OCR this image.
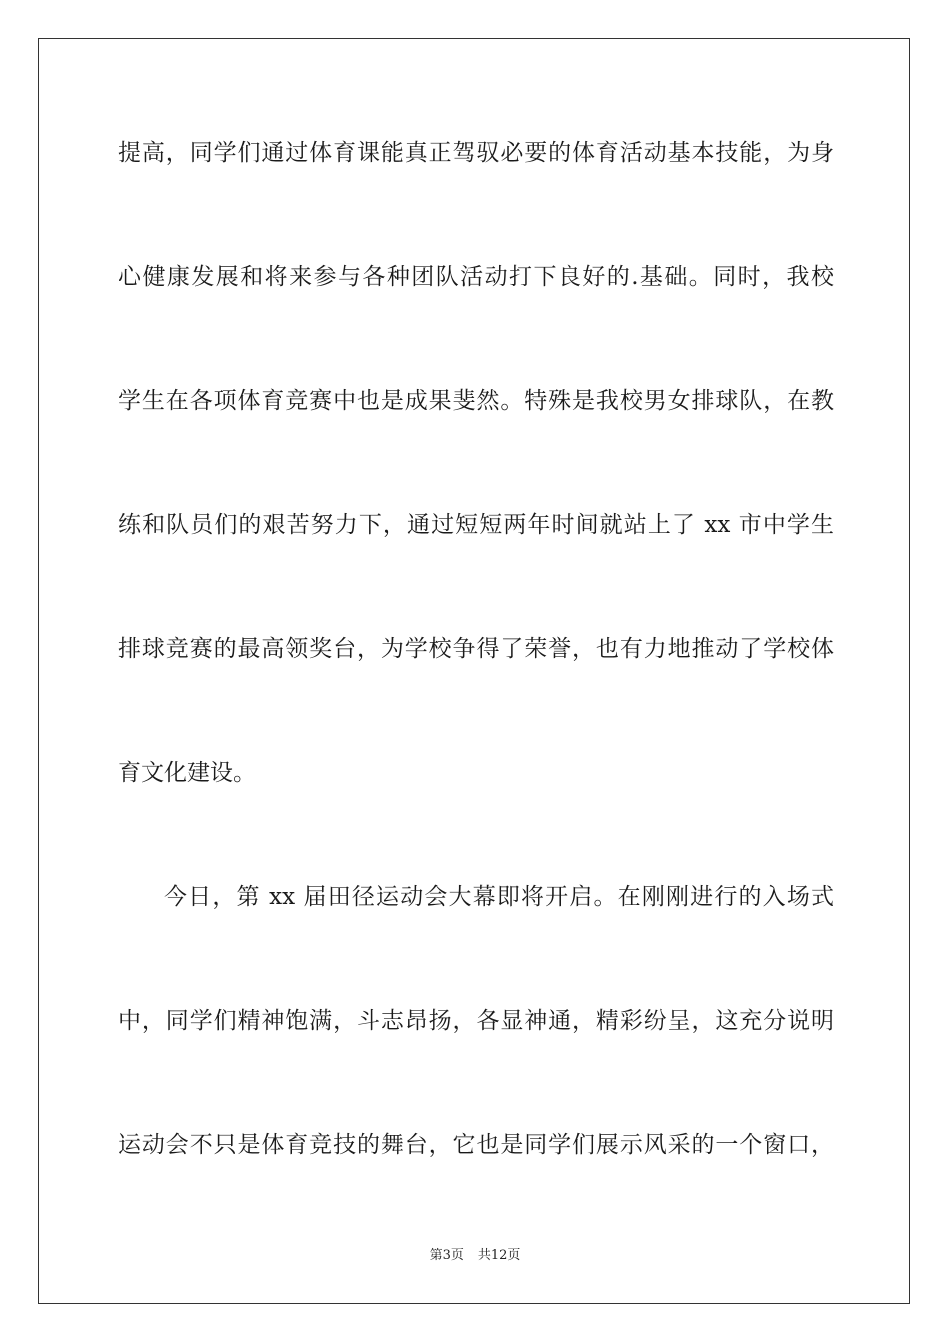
提高，同学们通过体育课能真正驾驭必要的体育活动基本技能，为身
心健康发展和将来参与各种团队活动打下良好的.基础。同时，我校
学生在各项体育竞赛中也是成果斐然。特殊是我校男女排球队，在教
练和队员们的艰苦努力下，通过短短两年时间就站上了 xx 市中学生
排球竞赛的最高领奖台，为学校争得了荣誉，也有力地推动了学校体
育文化建设。
今日，第 xx 届田径运动会大幕即将开启。在刚刚进行的入场式
中，同学们精神饱满，斗志昂扬，各显神通，精彩纷呈，这充分说明
运动会不只是体育竞技的舞台，它也是同学们展示风采的一个窗口，
第3页 共12页
